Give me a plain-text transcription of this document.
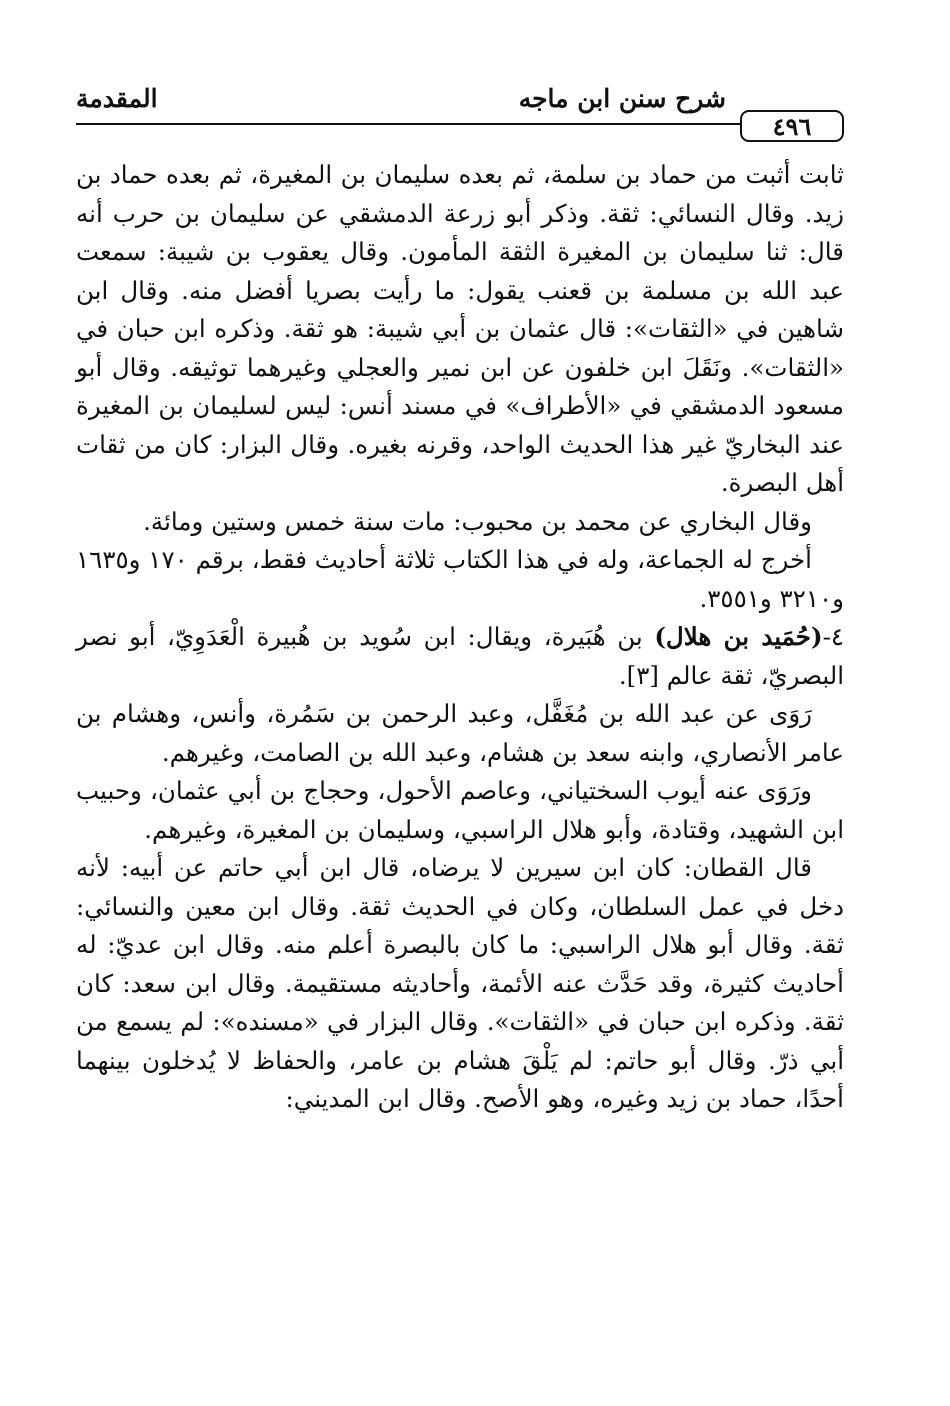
٤٩٦
شرح سنن ابن ماجه
المقدمة

ثابت أثبت من حماد بن سلمة، ثم بعده سليمان بن المغيرة، ثم بعده حماد بن زيد. وقال النسائي: ثقة. وذكر أبو زرعة الدمشقي عن سليمان بن حرب أنه قال: ثنا سليمان بن المغيرة الثقة المأمون. وقال يعقوب بن شيبة: سمعت عبد الله بن مسلمة بن قعنب يقول: ما رأيت بصريا أفضل منه. وقال ابن شاهين في «الثقات»: قال عثمان بن أبي شيبة: هو ثقة. وذكره ابن حبان في «الثقات». ونَقَلَ ابن خلفون عن ابن نمير والعجلي وغيرهما توثيقه. وقال أبو مسعود الدمشقي في «الأطراف» في مسند أنس: ليس لسليمان بن المغيرة عند البخاريّ غير هذا الحديث الواحد، وقرنه بغيره. وقال البزار: كان من ثقات أهل البصرة.

وقال البخاري عن محمد بن محبوب: مات سنة خمس وستين ومائة.

أخرج له الجماعة، وله في هذا الكتاب ثلاثة أحاديث فقط، برقم ١٧٠ و١٦٣٥ و٣٢١٠ و٣٥٥١.

٤-(حُمَيد بن هلال) بن هُبَيرة، ويقال: ابن سُويد بن هُبيرة الْعَدَوِيّ، أبو نصر البصريّ، ثقة عالم [٣].

رَوَى عن عبد الله بن مُغَفَّل، وعبد الرحمن بن سَمُرة، وأنس، وهشام بن عامر الأنصاري، وابنه سعد بن هشام، وعبد الله بن الصامت، وغيرهم.

ورَوَى عنه أيوب السختياني، وعاصم الأحول، وحجاج بن أبي عثمان، وحبيب ابن الشهيد، وقتادة، وأبو هلال الراسبي، وسليمان بن المغيرة، وغيرهم.

قال القطان: كان ابن سيرين لا يرضاه، قال ابن أبي حاتم عن أبيه: لأنه دخل في عمل السلطان، وكان في الحديث ثقة. وقال ابن معين والنسائي: ثقة. وقال أبو هلال الراسبي: ما كان بالبصرة أعلم منه. وقال ابن عديّ: له أحاديث كثيرة، وقد حَدَّث عنه الأئمة، وأحاديثه مستقيمة. وقال ابن سعد: كان ثقة. وذكره ابن حبان في «الثقات». وقال البزار في «مسنده»: لم يسمع من أبي ذرّ. وقال أبو حاتم: لم يَلْقَ هشام بن عامر، والحفاظ لا يُدخلون بينهما أحدًا، حماد بن زيد وغيره، وهو الأصح. وقال ابن المديني:
